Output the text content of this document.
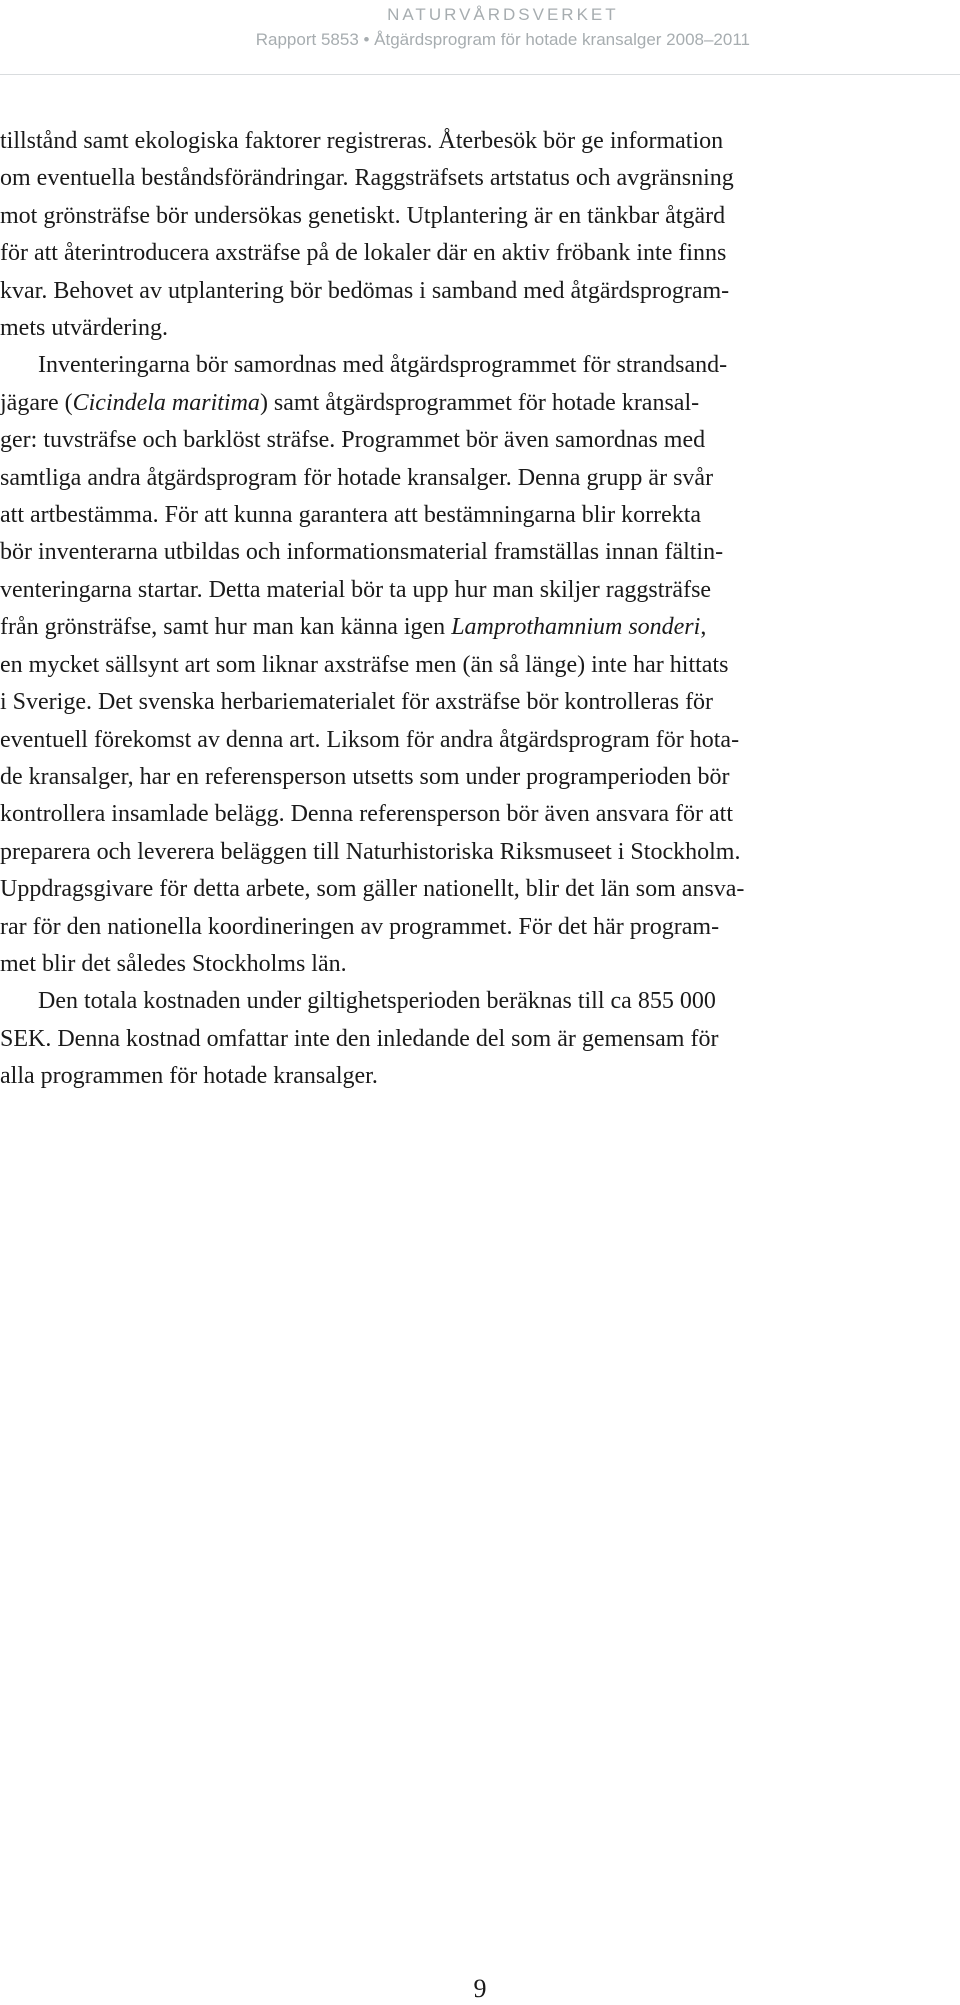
NATURVÅRDSVERKET
Rapport 5853 • Åtgärdsprogram för hotade kransalger 2008–2011

tillstånd samt ekologiska faktorer registreras. Återbesök bör ge information
om eventuella beståndsförändringar. Raggsträfsets artstatus och avgränsning
mot grönsträfse bör undersökas genetiskt. Utplantering är en tänkbar åtgärd
för att återintroducera axsträfse på de lokaler där en aktiv fröbank inte finns
kvar. Behovet av utplantering bör bedömas i samband med åtgärdsprogram-
mets utvärdering.

Inventeringarna bör samordnas med åtgärdsprogrammet för strandsand-
jägare (Cicindela maritima) samt åtgärdsprogrammet för hotade kransal-
ger: tuvsträfse och barklöst sträfse. Programmet bör även samordnas med
samtliga andra åtgärdsprogram för hotade kransalger. Denna grupp är svår
att artbestämma. För att kunna garantera att bestämningarna blir korrekta
bör inventerarna utbildas och informationsmaterial framställas innan fältin-
venteringarna startar. Detta material bör ta upp hur man skiljer raggsträfse
från grönsträfse, samt hur man kan känna igen Lamprothamnium sonderi,
en mycket sällsynt art som liknar axsträfse men (än så länge) inte har hittats
i Sverige. Det svenska herbariematerialet för axsträfse bör kontrolleras för
eventuell förekomst av denna art. Liksom för andra åtgärdsprogram för hota-
de kransalger, har en referensperson utsetts som under programperioden bör
kontrollera insamlade belägg. Denna referensperson bör även ansvara för att
preparera och leverera beläggen till Naturhistoriska Riksmuseet i Stockholm.
Uppdragsgivare för detta arbete, som gäller nationellt, blir det län som ansva-
rar för den nationella koordineringen av programmet. För det här program-
met blir det således Stockholms län.

Den totala kostnaden under giltighetsperioden beräknas till ca 855 000
SEK. Denna kostnad omfattar inte den inledande del som är gemensam för
alla programmen för hotade kransalger.

9
